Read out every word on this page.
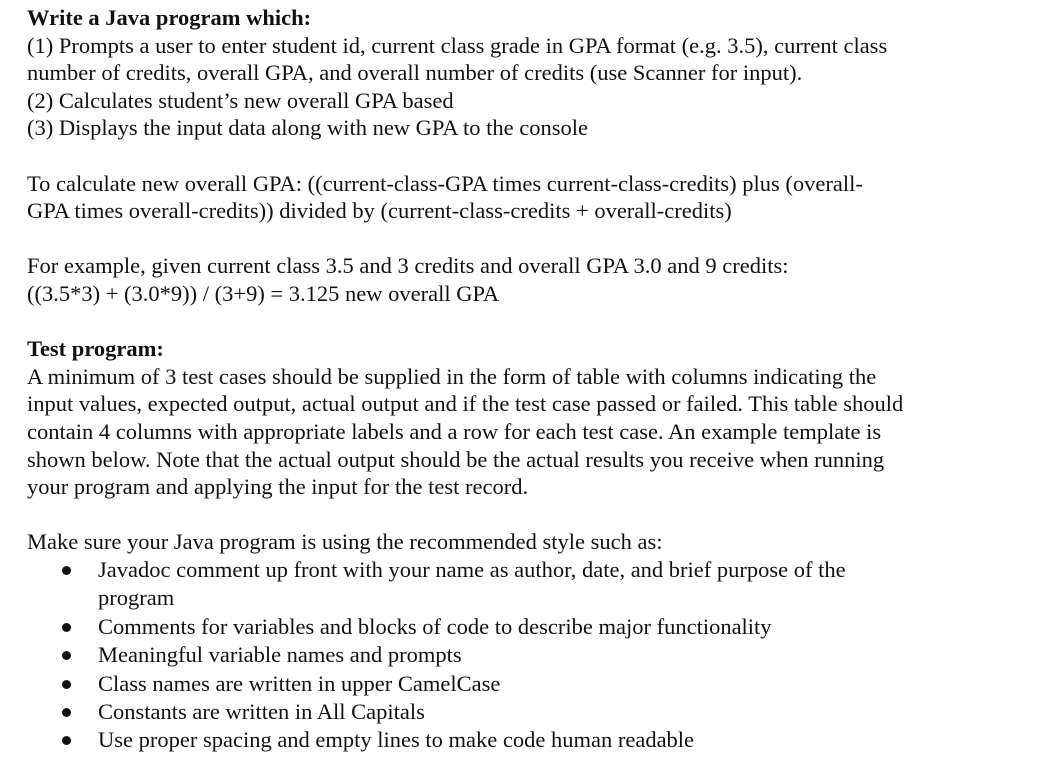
Write a Java program which:
(1) Prompts a user to enter student id, current class grade in GPA format (e.g. 3.5), current class
number of credits, overall GPA, and overall number of credits (use Scanner for input).
(2) Calculates student’s new overall GPA based
(3) Displays the input data along with new GPA to the console
To calculate new overall GPA: ((current-class-GPA times current-class-credits) plus (overall-
GPA times overall-credits)) divided by (current-class-credits + overall-credits)
For example, given current class 3.5 and 3 credits and overall GPA 3.0 and 9 credits:
((3.5*3) + (3.0*9)) / (3+9) = 3.125 new overall GPA
Test program:
A minimum of 3 test cases should be supplied in the form of table with columns indicating the
input values, expected output, actual output and if the test case passed or failed. This table should
contain 4 columns with appropriate labels and a row for each test case. An example template is
shown below. Note that the actual output should be the actual results you receive when running
your program and applying the input for the test record.
Make sure your Java program is using the recommended style such as:
Javadoc comment up front with your name as author, date, and brief purpose of the
program
Comments for variables and blocks of code to describe major functionality
Meaningful variable names and prompts
Class names are written in upper CamelCase
Constants are written in All Capitals
Use proper spacing and empty lines to make code human readable
